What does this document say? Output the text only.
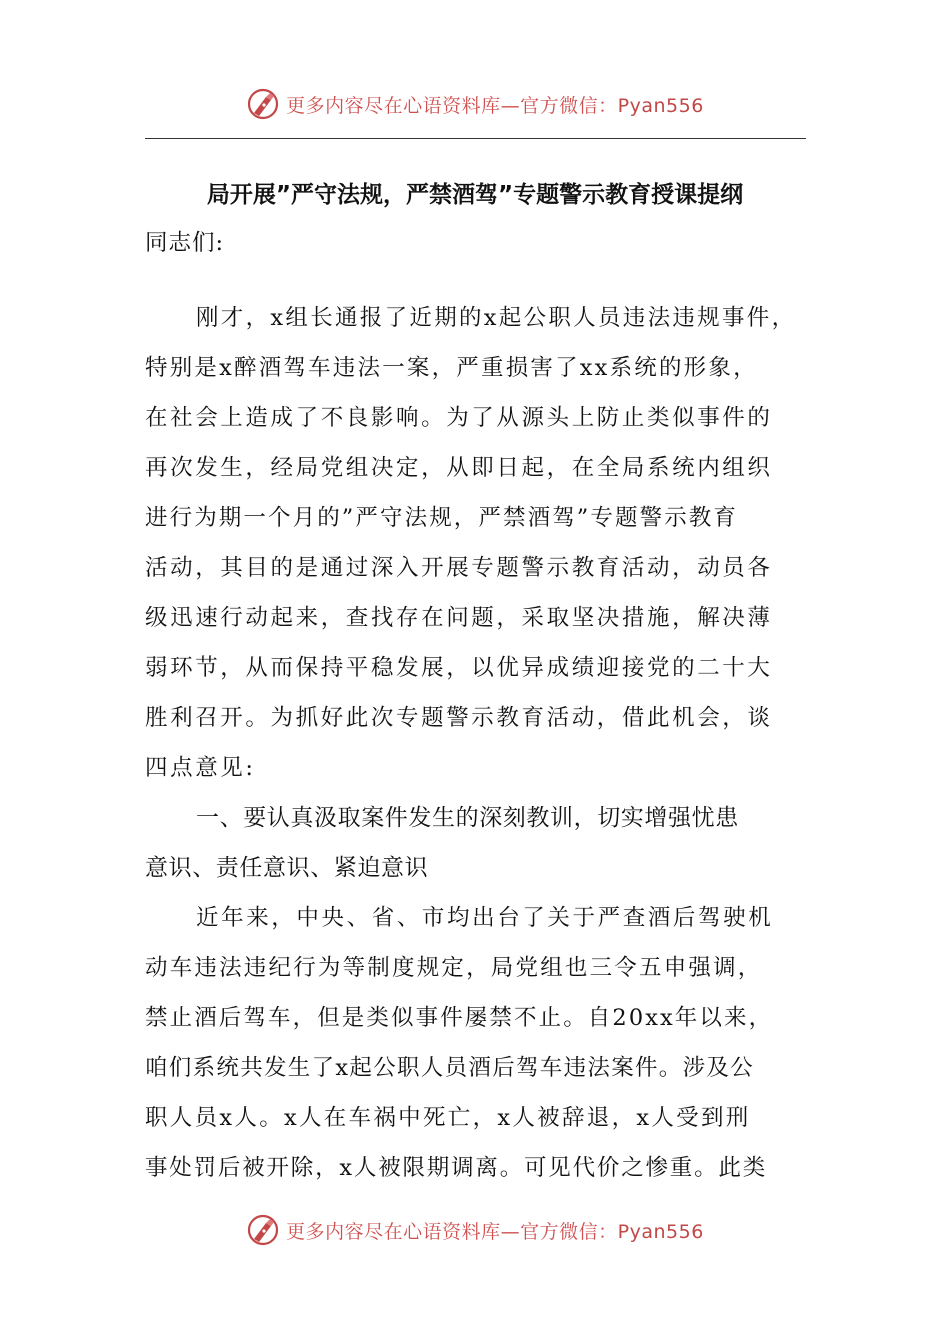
更多内容尽在心语资料库—官方微信：Pyan556
局开展”严守法规，严禁酒驾”专题警示教育授课提纲
同志们:
刚才，x组长通报了近期的x起公职人员违法违规事件，
特别是x醉酒驾车违法一案，严重损害了xx系统的形象，
在社会上造成了不良影响。为了从源头上防止类似事件的
再次发生，经局党组决定，从即日起，在全局系统内组织
进行为期一个月的”严守法规，严禁酒驾”专题警示教育
活动，其目的是通过深入开展专题警示教育活动，动员各
级迅速行动起来，查找存在问题，采取坚决措施，解决薄
弱环节，从而保持平稳发展，以优异成绩迎接党的二十大
胜利召开。为抓好此次专题警示教育活动，借此机会，谈
四点意见:
一、要认真汲取案件发生的深刻教训，切实增强忧患
意识、责任意识、紧迫意识
近年来，中央、省、市均出台了关于严查酒后驾驶机
动车违法违纪行为等制度规定，局党组也三令五申强调，
禁止酒后驾车，但是类似事件屡禁不止。自20xx年以来，
咱们系统共发生了x起公职人员酒后驾车违法案件。涉及公
职人员x人。x人在车祸中死亡，x人被辞退，x人受到刑
事处罚后被开除，x人被限期调离。可见代价之惨重。此类
更多内容尽在心语资料库—官方微信：Pyan556
